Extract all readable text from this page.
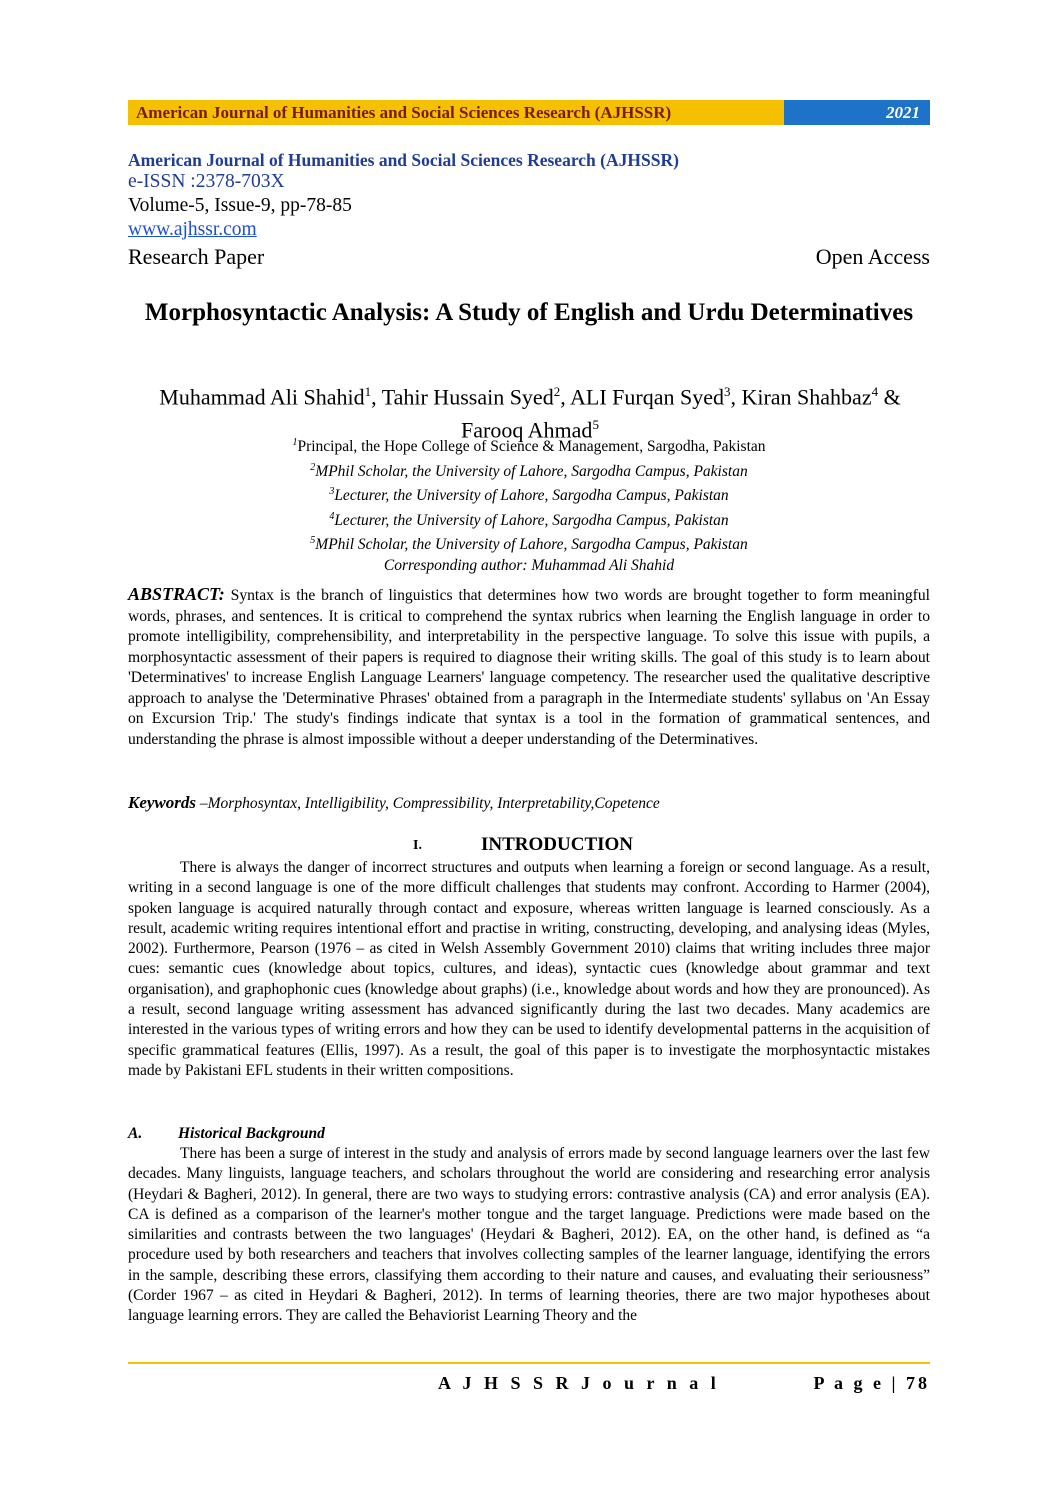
American Journal of Humanities and Social Sciences Research (AJHSSR)	2021
American Journal of Humanities and Social Sciences Research (AJHSSR)
e-ISSN :2378-703X
Volume-5, Issue-9, pp-78-85
www.ajhssr.com
Research Paper	Open Access
Morphosyntactic Analysis: A Study of English and Urdu Determinatives
Muhammad Ali Shahid$^1$, Tahir Hussain Syed$^2$, ALI Furqan Syed$^3$, Kiran Shahbaz$^4$ & Farooq Ahmad$^5$
$^1$Principal, the Hope College of Science & Management, Sargodha, Pakistan
$^2$MPhil Scholar, the University of Lahore, Sargodha Campus, Pakistan
$^3$Lecturer, the University of Lahore, Sargodha Campus, Pakistan
$^4$Lecturer, the University of Lahore, Sargodha Campus, Pakistan
$^5$MPhil Scholar, the University of Lahore, Sargodha Campus, Pakistan
Corresponding author: Muhammad Ali Shahid
ABSTRACT: Syntax is the branch of linguistics that determines how two words are brought together to form meaningful words, phrases, and sentences. It is critical to comprehend the syntax rubrics when learning the English language in order to promote intelligibility, comprehensibility, and interpretability in the perspective language. To solve this issue with pupils, a morphosyntactic assessment of their papers is required to diagnose their writing skills. The goal of this study is to learn about 'Determinatives' to increase English Language Learners' language competency. The researcher used the qualitative descriptive approach to analyse the 'Determinative Phrases' obtained from a paragraph in the Intermediate students' syllabus on 'An Essay on Excursion Trip.' The study's findings indicate that syntax is a tool in the formation of grammatical sentences, and understanding the phrase is almost impossible without a deeper understanding of the Determinatives.
Keywords –Morphosyntax, Intelligibility, Compressibility, Interpretability,Copetence
I.	INTRODUCTION
There is always the danger of incorrect structures and outputs when learning a foreign or second language. As a result, writing in a second language is one of the more difficult challenges that students may confront. According to Harmer (2004), spoken language is acquired naturally through contact and exposure, whereas written language is learned consciously. As a result, academic writing requires intentional effort and practise in writing, constructing, developing, and analysing ideas (Myles, 2002). Furthermore, Pearson (1976 – as cited in Welsh Assembly Government 2010) claims that writing includes three major cues: semantic cues (knowledge about topics, cultures, and ideas), syntactic cues (knowledge about grammar and text organisation), and graphophonic cues (knowledge about graphs) (i.e., knowledge about words and how they are pronounced). As a result, second language writing assessment has advanced significantly during the last two decades. Many academics are interested in the various types of writing errors and how they can be used to identify developmental patterns in the acquisition of specific grammatical features (Ellis, 1997). As a result, the goal of this paper is to investigate the morphosyntactic mistakes made by Pakistani EFL students in their written compositions.
A. Historical Background
There has been a surge of interest in the study and analysis of errors made by second language learners over the last few decades. Many linguists, language teachers, and scholars throughout the world are considering and researching error analysis (Heydari & Bagheri, 2012). In general, there are two ways to studying errors: contrastive analysis (CA) and error analysis (EA). CA is defined as a comparison of the learner's mother tongue and the target language. Predictions were made based on the similarities and contrasts between the two languages' (Heydari & Bagheri, 2012). EA, on the other hand, is defined as “a procedure used by both researchers and teachers that involves collecting samples of the learner language, identifying the errors in the sample, describing these errors, classifying them according to their nature and causes, and evaluating their seriousness” (Corder 1967 – as cited in Heydari & Bagheri, 2012). In terms of learning theories, there are two major hypotheses about language learning errors. They are called the Behaviorist Learning Theory and the
A J H S S R J o u r n a l	P a g e | 78
